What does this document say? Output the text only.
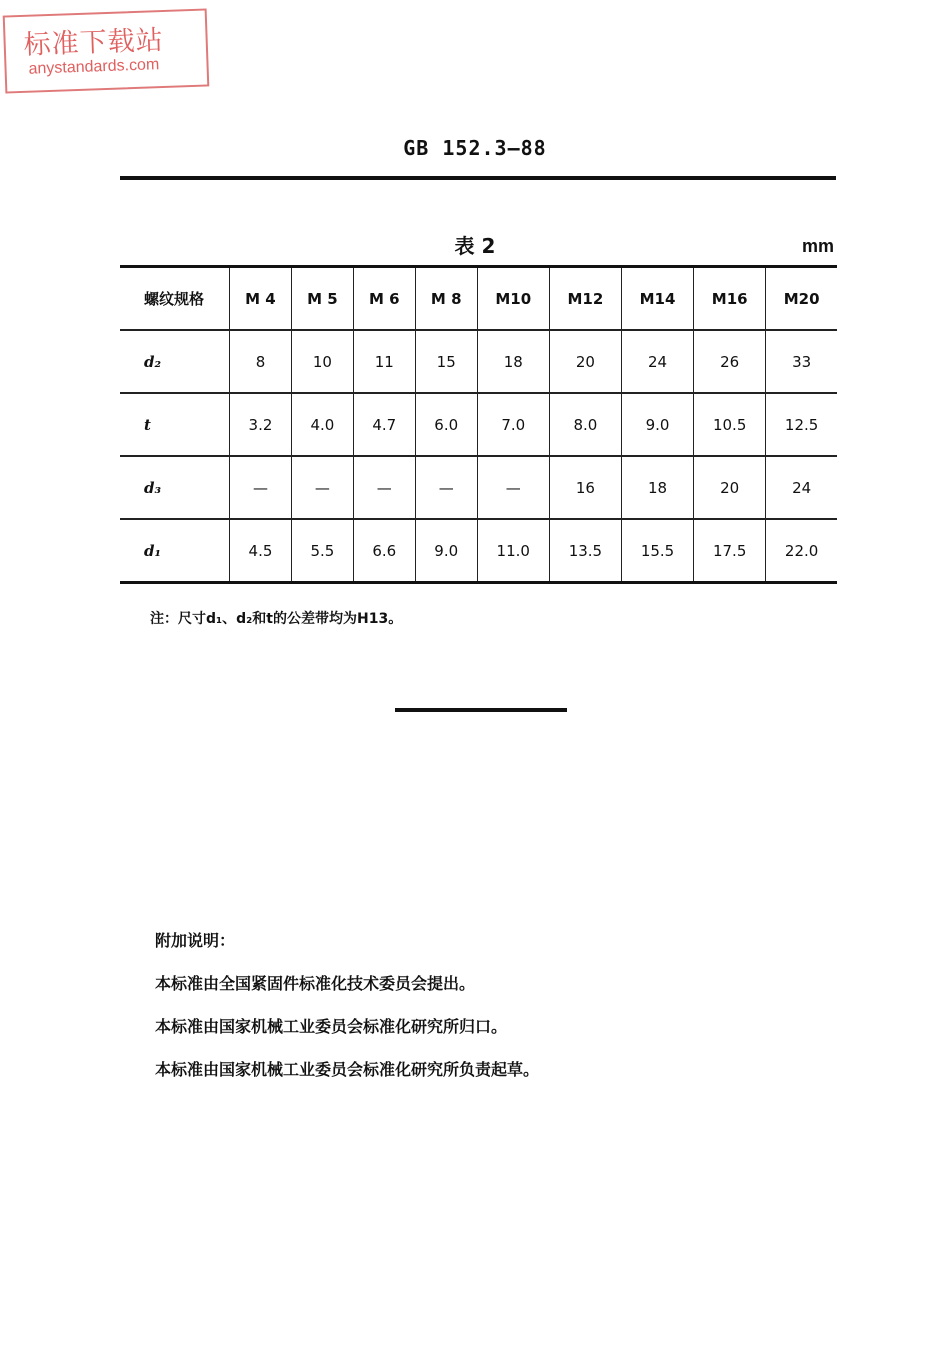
标准下载站
anystandards.com
GB 152.3—88
表 2	mm
螺纹规格	M 4	M 5	M 6	M 8	M10	M12	M14	M16	M20
d₂	8	10	11	15	18	20	24	26	33
t	3.2	4.0	4.7	6.0	7.0	8.0	9.0	10.5	12.5
d₃	—	—	—	—	—	16	18	20	24
d₁	4.5	5.5	6.6	9.0	11.0	13.5	15.5	17.5	22.0
注：尺寸d₁、d₂和t的公差带均为H13。
附加说明：
本标准由全国紧固件标准化技术委员会提出。
本标准由国家机械工业委员会标准化研究所归口。
本标准由国家机械工业委员会标准化研究所负责起草。
